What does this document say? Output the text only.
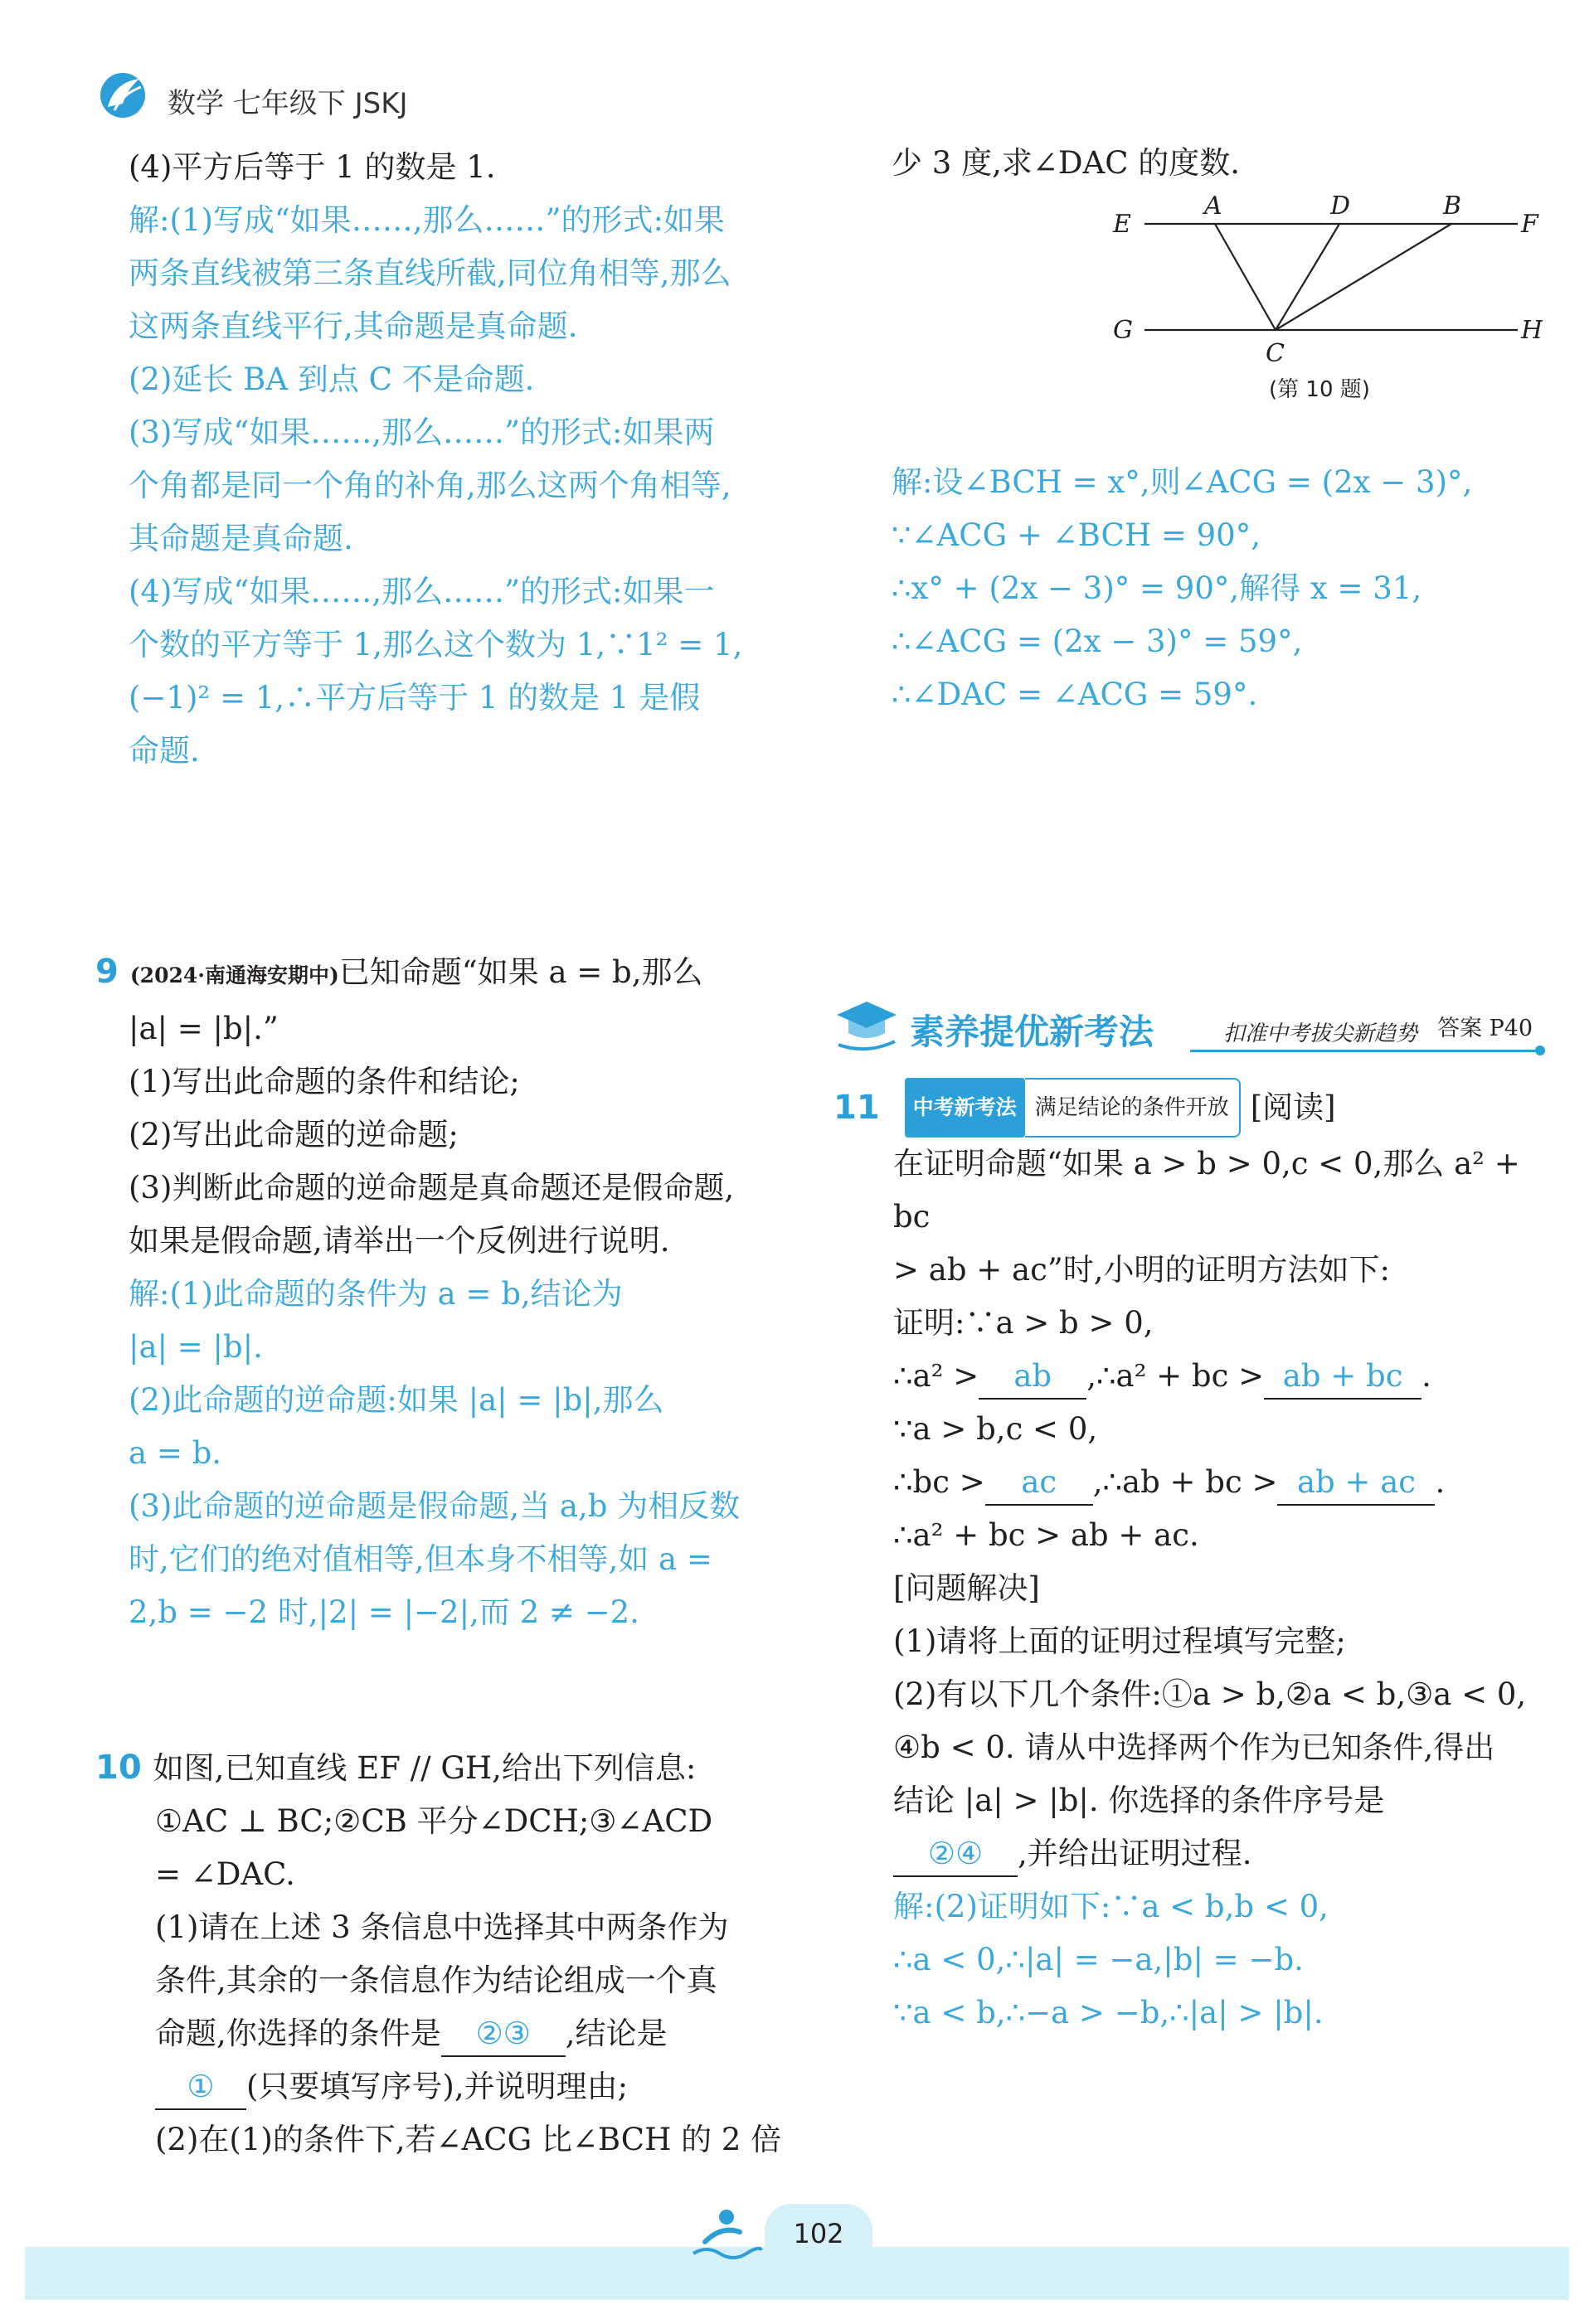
数学 七年级下 JSKJ

(4)平方后等于 1 的数是 1.

解:(1)写成“如果……,那么……”的形式:如果

两条直线被第三条直线所截,同位角相等,那么

这两条直线平行,其命题是真命题.

(2)延长 BA 到点 C 不是命题.

(3)写成“如果……,那么……”的形式:如果两

个角都是同一个角的补角,那么这两个角相等,

其命题是真命题.

(4)写成“如果……,那么……”的形式:如果一

个数的平方等于 1,那么这个数为 1,∵1² = 1,

(−1)² = 1,∴平方后等于 1 的数是 1 是假

命题.

9 (2024·南通海安期中)已知命题“如果 a = b,那么

|a| = |b|.”

(1)写出此命题的条件和结论;

(2)写出此命题的逆命题;

(3)判断此命题的逆命题是真命题还是假命题,

如果是假命题,请举出一个反例进行说明.

解:(1)此命题的条件为 a = b,结论为

|a| = |b|.

(2)此命题的逆命题:如果 |a| = |b|,那么

a = b.

(3)此命题的逆命题是假命题,当 a,b 为相反数

时,它们的绝对值相等,但本身不相等,如 a =

2,b = −2 时,|2| = |−2|,而 2 ≠ −2.

10 如图,已知直线 EF // GH,给出下列信息:

①AC ⊥ BC;②CB 平分∠DCH;③∠ACD

= ∠DAC.

(1)请在上述 3 条信息中选择其中两条作为

条件,其余的一条信息作为结论组成一个真

命题,你选择的条件是 ②③ ,结论是

① (只要填写序号),并说明理由;

(2)在(1)的条件下,若∠ACG 比∠BCH 的 2 倍

少 3 度,求∠DAC 的度数.

E
A	D	B
F
G
C
H
(第 10 题)

解:设∠BCH = x°,则∠ACG = (2x − 3)°,

∵∠ACG + ∠BCH = 90°,

∴x° + (2x − 3)° = 90°,解得 x = 31,

∴∠ACG = (2x − 3)° = 59°,

∴∠DAC = ∠ACG = 59°.

素养提优新考法	扣准中考拔尖新趋势 答案 P40

11	中考新考法 满足结论的条件开放 [阅读]

在证明命题“如果 a > b > 0,c < 0,那么 a² + bc

> ab + ac”时,小明的证明方法如下:

证明:∵a > b > 0,

∴a² > ab ,∴a² + bc > ab + bc .

∵a > b,c < 0,

∴bc > ac ,∴ab + bc > ab + ac .

∴a² + bc > ab + ac.

[问题解决]

(1)请将上面的证明过程填写完整;

(2)有以下几个条件:①a > b,②a < b,③a < 0,

④b < 0. 请从中选择两个作为已知条件,得出

结论 |a| > |b|. 你选择的条件序号是

②④ ,并给出证明过程.

解:(2)证明如下:∵a < b,b < 0,

∴a < 0,∴|a| = −a,|b| = −b.

∵a < b,∴−a > −b,∴|a| > |b|.

102
